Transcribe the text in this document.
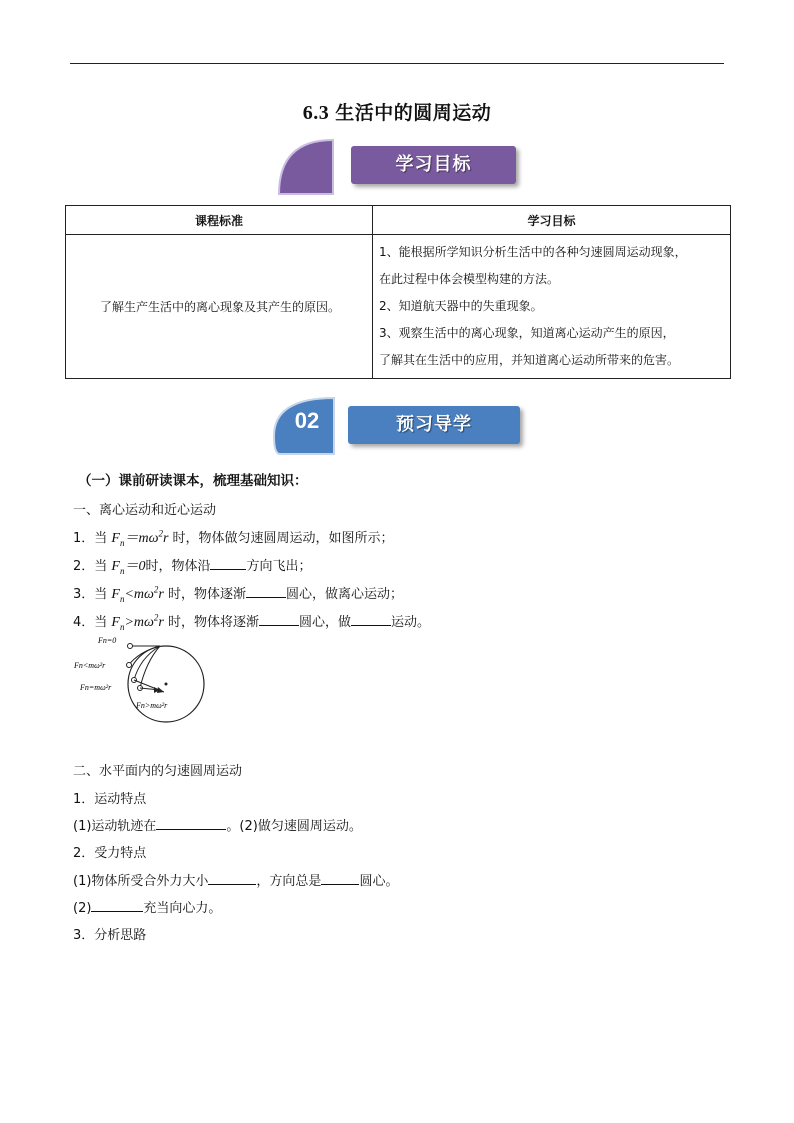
6.3 生活中的圆周运动
学习目标
课程标准	学习目标
了解生产生活中的离心现象及其产生的原因。	1、能根据所学知识分析生活中的各种匀速圆周运动现象，
在此过程中体会模型构建的方法。
2、知道航天器中的失重现象。
3、观察生活中的离心现象，知道离心运动产生的原因，
了解其在生活中的应用，并知道离心运动所带来的危害。
02	预习导学
（一）课前研读课本，梳理基础知识：
一、离心运动和近心运动
1．当 $F_n=m\omega^2r$ 时，物体做匀速圆周运动，如图所示；
2．当 $F_n=0$时，物体沿	方向飞出；
3．当 $F_n<m\omega^2r$ 时，物体逐渐	圆心，做离心运动；
4．当 $F_n>m\omega^2r$ 时，物体将逐渐	圆心，做	运动。
Fn=0
Fn<mω²r
Fn=mω²r
Fn>mω²r
二、水平面内的匀速圆周运动
1．运动特点
(1)运动轨迹在	。(2)做匀速圆周运动。
2．受力特点
(1)物体所受合外力大小	，方向总是	圆心。
(2)	充当向心力。
3．分析思路
